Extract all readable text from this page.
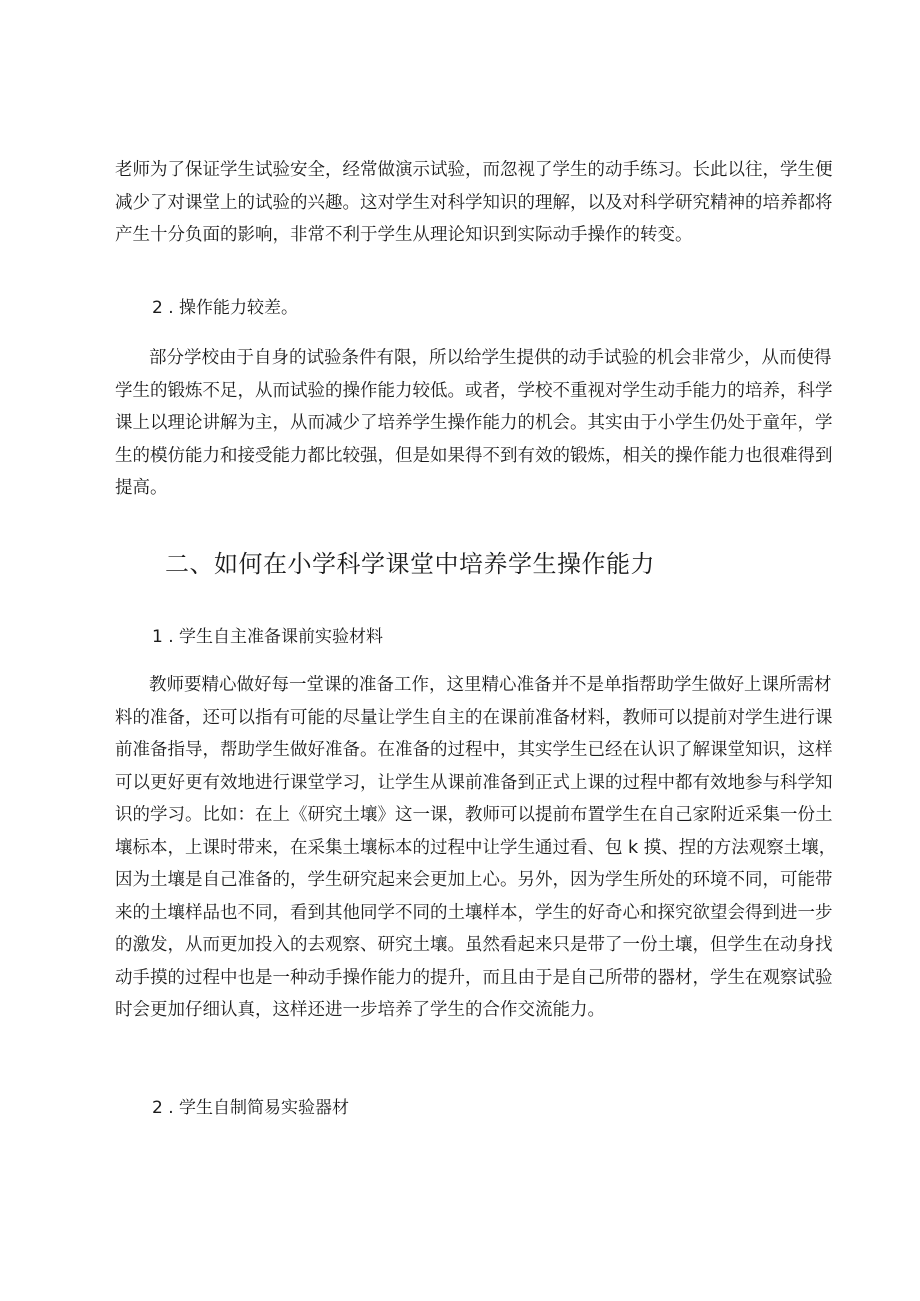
老师为了保证学生试验安全，经常做演示试验，而忽视了学生的动手练习。长此以往，学生便
减少了对课堂上的试验的兴趣。这对学生对科学知识的理解，以及对科学研究精神的培养都将
产生十分负面的影响，非常不利于学生从理论知识到实际动手操作的转变。
2 . 操作能力较差。
部分学校由于自身的试验条件有限，所以给学生提供的动手试验的机会非常少，从而使得
学生的锻炼不足，从而试验的操作能力较低。或者，学校不重视对学生动手能力的培养，科学
课上以理论讲解为主，从而减少了培养学生操作能力的机会。其实由于小学生仍处于童年，学
生的模仿能力和接受能力都比较强，但是如果得不到有效的锻炼，相关的操作能力也很难得到
提高。
二、如何在小学科学课堂中培养学生操作能力
1 . 学生自主准备课前实验材料
教师要精心做好每一堂课的准备工作，这里精心准备并不是单指帮助学生做好上课所需材
料的准备，还可以指有可能的尽量让学生自主的在课前准备材料，教师可以提前对学生进行课
前准备指导，帮助学生做好准备。在准备的过程中，其实学生已经在认识了解课堂知识，这样
可以更好更有效地进行课堂学习，让学生从课前准备到正式上课的过程中都有效地参与科学知
识的学习。比如：在上《研究土壤》这一课，教师可以提前布置学生在自己家附近采集一份土
壤标本，上课时带来，在采集土壤标本的过程中让学生通过看、包 k 摸、捏的方法观察土壤，
因为土壤是自己准备的，学生研究起来会更加上心。另外，因为学生所处的环境不同，可能带
来的土壤样品也不同，看到其他同学不同的土壤样本，学生的好奇心和探究欲望会得到进一步
的激发，从而更加投入的去观察、研究土壤。虽然看起来只是带了一份土壤，但学生在动身找
动手摸的过程中也是一种动手操作能力的提升，而且由于是自己所带的器材，学生在观察试验
时会更加仔细认真，这样还进一步培养了学生的合作交流能力。
2 . 学生自制简易实验器材
